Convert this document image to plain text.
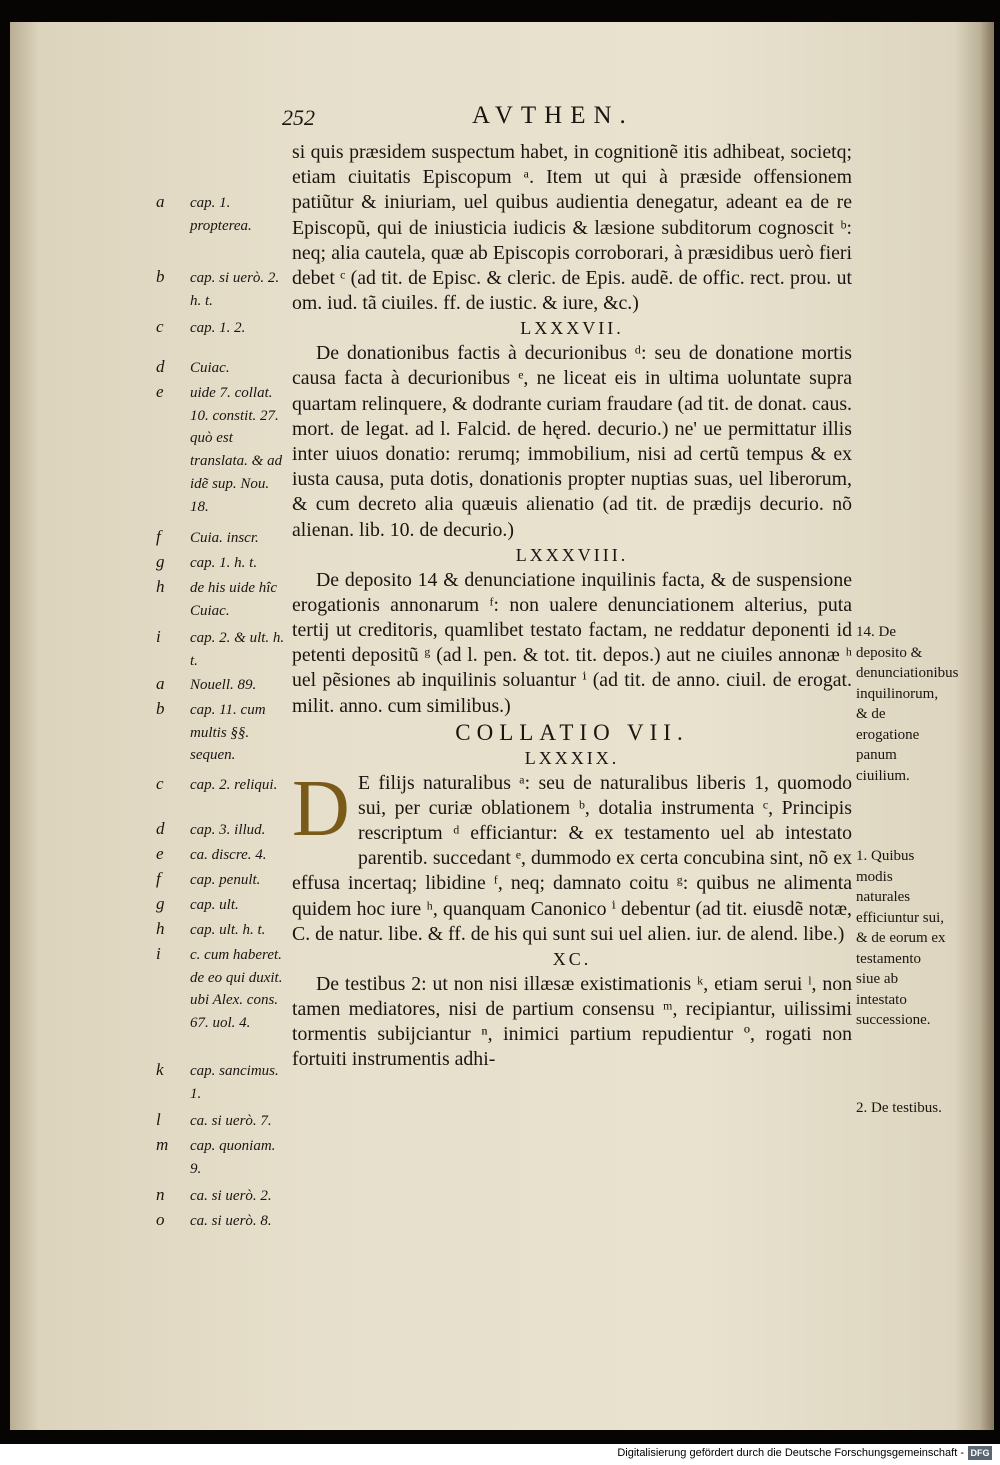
252	AVTHEN.

si quis præsidem suspectum habet, in cognitionẽ itis adhibeat, societq; etiam ciuitatis Episcopum ᵃ. Item ut qui à præside offensionem patiũtur & iniuriam, uel quibus audientia denegatur, adeant ea de re Episcopũ, qui de iniusticia iudicis & læsione subditorum cognoscit ᵇ: neq; alia cautela, quæ ab Episcopis corroborari, à præsidibus uerò fieri debet ᶜ (ad tit. de Episc. & cleric. de Epis. audẽ. de offic. rect. prou. ut om. iud. tã ciuiles. ff. de iustic. & iure, &c.)

LXXXVII.

De donationibus factis à decurionibus ᵈ: seu de donatione mortis causa facta à decurionibus ᵉ, ne liceat eis in ultima uoluntate supra quartam relinquere, & dodrante curiam fraudare (ad tit. de donat. caus. mort. de legat. ad l. Falcid. de hęred. decurio.) ne' ue permittatur illis inter uiuos donatio: rerumq; immobilium, nisi ad certũ tempus & ex iusta causa, puta dotis, donationis propter nuptias suas, uel liberorum, & cum decreto alia quæuis alienatio (ad tit. de prædijs decurio. nõ alienan. lib. 10. de decurio.)

LXXXVIII.

De deposito 14 & denunciatione inquilinis facta, & de suspensione erogationis annonarum ᶠ: non ualere denunciationem alterius, puta tertij ut creditoris, quamlibet testato factam, ne reddatur deponenti id petenti depositũ ᵍ (ad l. pen. & tot. tit. depos.) aut ne ciuiles annonæ ʰ uel pẽsiones ab inquilinis soluantur ⁱ (ad tit. de anno. ciuil. de erogat. milit. anno. cum similibus.)

COLLATIO VII.
LXXXIX.

D E filijs naturalibus ᵃ: seu de naturalibus liberis 1, quomodo sui, per curiæ oblationem ᵇ, dotalia instrumenta ᶜ, Principis rescriptum ᵈ efficiantur: & ex testamento uel ab intestato parentib. succedant ᵉ, dummodo ex certa concubina sint, nõ ex effusa incertaq; libidine ᶠ, neq; damnato coitu ᵍ: quibus ne alimenta quidem hoc iure ʰ, quanquam Canonico ⁱ debentur (ad tit. eiusdẽ notæ, C. de natur. libe. & ff. de his qui sunt sui uel alien. iur. de alend. libe.)

XC.

De testibus 2: ut non nisi illæsæ existimationis ᵏ, etiam serui ˡ, non tamen mediatores, nisi de partium consensu ᵐ, recipiantur, uilissimi tormentis subijciantur ⁿ, inimici partium repudientur º, rogati non fortuiti instrumentis adhi-

a	cap. 1. propterea.
b	cap. si uerò. 2. h. t.
c	cap. 1. 2.
d	Cuiac.
e	uide 7. collat. 10. constit. 27. quò est translata. & ad idẽ sup. Nou. 18.
f	Cuia. inscr.
g	cap. 1. h. t.
h	de his uide hîc Cuiac.
i	cap. 2. & ult. h. t.
a	Nouell. 89.
b	cap. 11. cum multis §§. sequen.
c	cap. 2. reliqui.
d	cap. 3. illud.
e	ca. discre. 4.
f	cap. penult.
g	cap. ult.
h	cap. ult. h. t.
i	c. cum haberet. de eo qui duxit. ubi Alex. cons. 67. uol. 4.
k	cap. sancimus. 1.
l	ca. si uerò. 7.
m cap. quoniam. 9.
n	ca. si uerò. 2.
o	ca. si uerò. 8.
14. De deposito & denunciationibus inquilinorum, & de erogatione panum ciuilium.
1. Quibus modis naturales efficiuntur sui, & de eorum ex testamento siue ab intestato successione.
2. De testibus.
Digitalisierung gefördert durch die Deutsche Forschungsgemeinschaft - DFG
